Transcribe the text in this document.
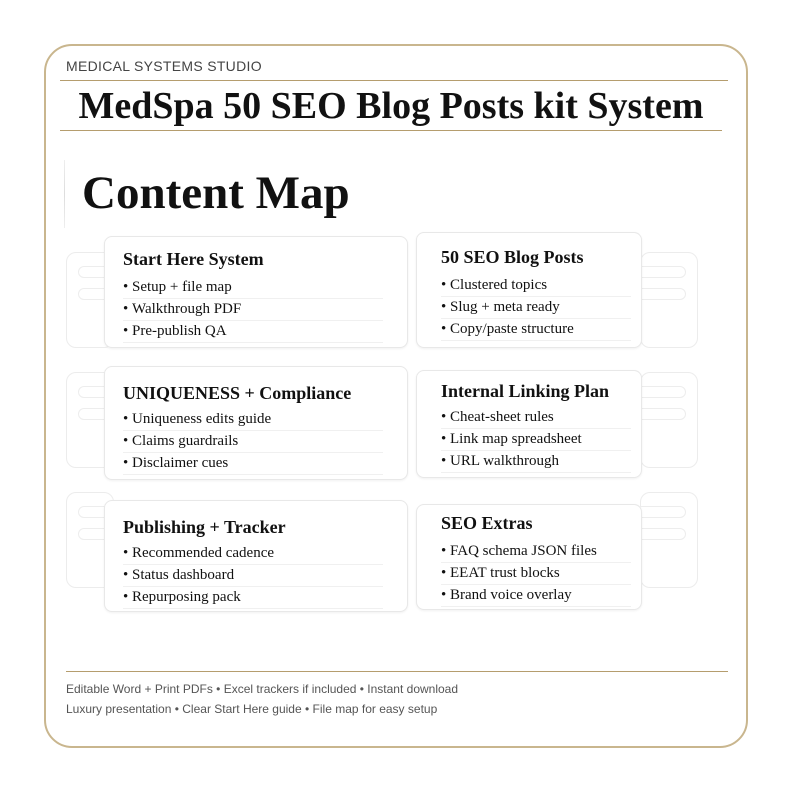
MEDICAL SYSTEMS STUDIO
MedSpa 50 SEO Blog Posts kit System
Content Map
Start Here System
• Setup + file map
• Walkthrough PDF
• Pre-publish QA
50 SEO Blog Posts
• Clustered topics
• Slug + meta ready
• Copy/paste structure
UNIQUENESS + Compliance
• Uniqueness edits guide
• Claims guardrails
• Disclaimer cues
Internal Linking Plan
• Cheat-sheet rules
• Link map spreadsheet
• URL walkthrough
Publishing + Tracker
• Recommended cadence
• Status dashboard
• Repurposing pack
SEO Extras
• FAQ schema JSON files
• EEAT trust blocks
• Brand voice overlay
Editable Word + Print PDFs • Excel trackers if included • Instant download
Luxury presentation • Clear Start Here guide • File map for easy setup
